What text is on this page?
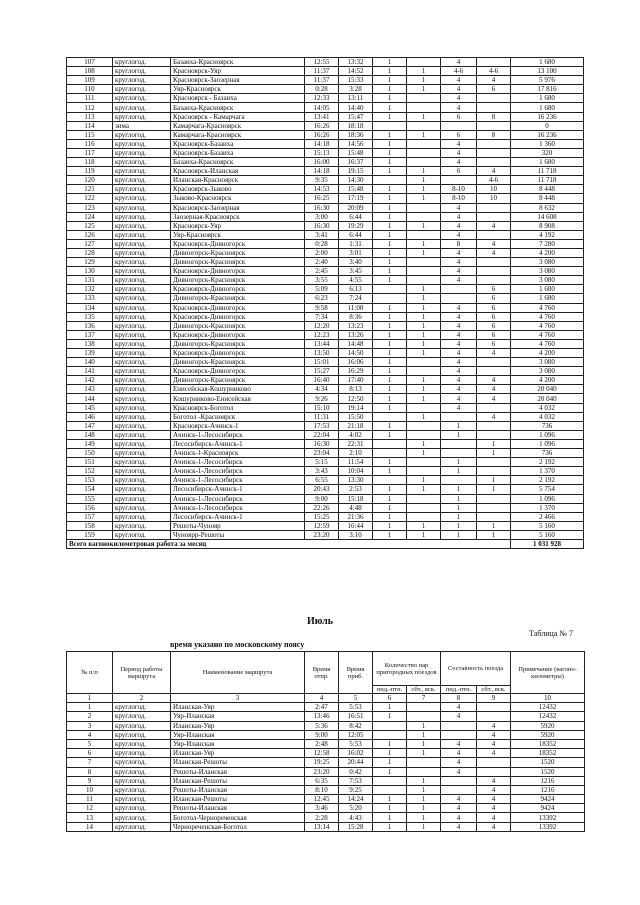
107	круглогод.	Базаиха-Красноярск	12:55	13:32	1		4		1 680
108	круглогод.	Красноярск-Уяр	11:37	14:52	1	1	4-6	4-6	13 100
109	круглогод.	Красноярск-Заозерная	11:37	15:33	1	1	4	4	5 976
110	круглогод.	Уяр-Красноярск	0:28	3:28	1	1	4	6	17 816
111	круглогод.	Красноярск - Базаиха	12:33	13:11	1		4		1 680
112	круглогод.	Базаиха-Красноярск	14:05	14:40	1		4		1 680
113	круглогод.	Красноярск - Камарчага	13:41	15:47	1	1	6	8	16 236
114	зима	Камарчага-Красноярск	16:26	18:18					0
115	круглогод.	Камарчага-Красноярск	16:26	18:36	1	1	6	8	16 236
116	круглогод.	Красноярск-Базаиха	14:18	14:56	1		4		1 360
117	круглогод.	Красноярск-Базаиха	15:13	15:48	1		4		320
118	круглогод.	Базаиха-Красноярск	16:00	16:37	1		4		1 680
119	круглогод.	Красноярск-Иланская	14:18	19:15	1	1	6	4	11 718
120	круглогод.	Иланская-Красноярск	9:35	14:30		1		4-6	11 718
121	круглогод.	Красноярск-Зыково	14:53	15:48	1	1	8-10	10	8 448
122	круглогод.	Зыково-Красноярск	16:25	17:19	1	1	8-10	10	8 448
123	круглогод.	Красноярск-Заозерная	16:30	20:09	1		4		8 632
124	круглогод.	Заозерная-Красноярск	3:00	6:44	1		4		14 608
125	круглогод.	Красноярск-Уяр	16:30	19:29	1	1	4	4	8 908
126	круглогод.	Уяр-Красноярск	3:41	6:44	1		4		4 192
127	круглогод.	Красноярск-Дивногорск	0:28	1:31	1	1	8	4	7 280
128	круглогод.	Дивногорск-Красноярск	2:00	3:01	1	1	4	4	4 200
129	круглогод.	Дивногорск-Красноярск	2:40	3:40	1		4		3 080
130	круглогод.	Красноярск-Дивногорск	2:45	3:45	1		4		3 080
131	круглогод.	Дивногорск-Красноярск	3:55	4:55	1		4		3 080
132	круглогод.	Красноярск-Дивногорск	5:09	6:13		1		6	1 680
133	круглогод.	Дивногорск-Красноярск	6:23	7:24		1		6	1 680
134	круглогод.	Красноярск-Дивногорск	9:58	11:00	1	1	4	6	4 760
135	круглогод.	Красноярск-Дивногорск	7:34	8:36	1	1	4	6	4 760
136	круглогод.	Дивногорск-Красноярск	12:20	13:23	1	1	4	6	4 760
137	круглогод.	Красноярск-Дивногорск	12:23	13:26	1	1	4	6	4 760
138	круглогод.	Дивногорск-Красноярск	13:44	14:48	1	1	4	6	4 760
139	круглогод.	Красноярск-Дивногорск	13:50	14:50	1	1	4	4	4 200
140	круглогод.	Дивногорск-Красноярск	15:01	16:06	1		4		3 080
141	круглогод.	Красноярск-Дивногорск	15:27	16:29	1		4		3 080
142	круглогод.	Дивногорск-Красноярск	16:40	17:40	1	1	4	4	4 200
143	круглогод.	Енисейская-Кошурниково	4:34	8:13	1	1	4	4	20 040
144	круглогод.	Кошурниково-Енисейская	9:26	12:50	1	1	4	4	20 040
145	круглогод.	Красноярск-Боготол	15:10	19:14	1		4		4 032
146	круглогод.	Боготол -Красноярск	11:31	15:50		1		4	4 032
147	круглогод.	Красноярск-Ачинск-1	17:53	21:18	1		1		736
148	круглогод.	Ачинск-1-Лесосибирск	22:04	4:02	1		1		1 096
149	круглогод.	Лесосибирск-Ачинск-1	16:30	22:31		1		1	1 096
150	круглогод.	Ачинск-1-Красноярск	23:04	2:10		1		1	736
151	круглогод.	Ачинск-1-Лесосибирск	5:15	11:54	1		1		2 192
152	круглогод.	Ачинск-1-Лесосибирск	3:43	10:04	1		1		1 370
153	круглогод.	Ачинск-1-Лесосибирск	6:55	13:30		1		1	2 192
154	круглогод.	Лесосибирск-Ачинск-1	20:43	2:53	1	1	1	1	5 754
155	круглогод.	Ачинск-1-Лесосибирск	9:00	15:18	1		1		1 096
156	круглогод.	Ачинск-1-Лесосибирск	22:26	4:48	1		1		1 370
157	круглогод.	Лесосибирск-Ачинск-1	15:25	21:36	1		1		2 466
158	круглогод.	Решоты-Чунояр	12:59	16:44	1	1	1	1	5 160
159	круглогод.	Чуноярр-Решоты	23:20	3:10	1	1	1	1	5 160
Всего вагонокилометровая работа за месяц									1 031 928
Июль
Таблица № 7
время указано по московскому поясу
№ п/п	Период работы маршрута	Наименование маршрута	Время отпр.	Время приб.	Количество пар пригородных поездов		Составность поезда		Примечание (вагоно-километры)
					пнд.-птн.	сбт., вск.	пнд.-птн.	сбт., вск.	
1	2	3	4	5	6	7	8	9	10
1	круглогод.	Иланская-Уяр	2:47	5:53	1		4		12432
2	круглогод.	Уяр-Иланская	13:46	16:51	1		4		12432
3	круглогод.	Иланская-Уяр	5:36	8:42		1		4	5920
4	круглогод.	Уяр-Иланская	9:00	12:05		1		4	5920
5	круглогод.	Уяр-Иланская	2:48	5:53	1	1	4	4	18352
6	круглогод.	Иланская-Уяр	12:58	16:02	1	1	4	4	18352
7	круглогод.	Иланская-Решоты	19:25	20:44	1		4		1520
8	круглогод.	Решоты-Иланская	23:20	0:42	1		4		1520
9	круглогод.	Иланская-Решоты	6:35	7:53		1		4	1216
10	круглогод.	Решоты-Иланская	8:10	9:25		1		4	1216
11	круглогод.	Иланская-Решоты	12:45	14:24	1	1	4	4	9424
12	круглогод.	Решоты-Иланская	3:46	5:20	1	1	4	4	9424
13	круглогод.	Боготол-Чернореченская	2:28	4:43	1	1	4	4	13392
14	круглогод.	Чернореченская-Боготол	13:14	15:28	1	1	4	4	13392
